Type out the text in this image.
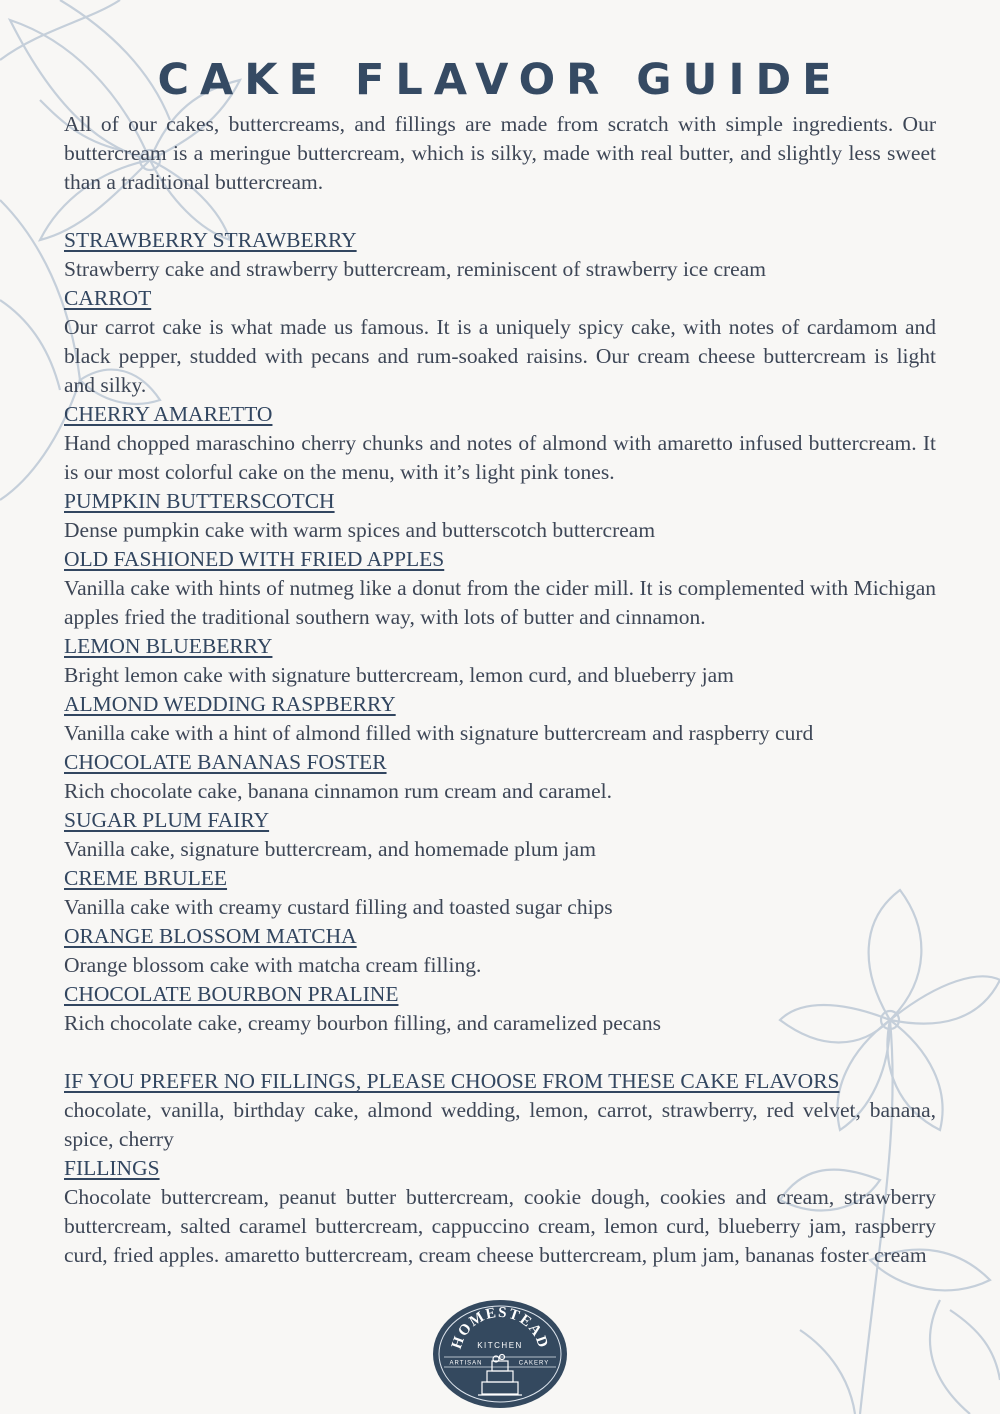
CAKE FLAVOR GUIDE

All of our cakes, buttercreams, and fillings are made from scratch with simple ingredients. Our buttercream is a meringue buttercream, which is silky, made with real butter, and slightly less sweet than a traditional buttercream.

STRAWBERRY STRAWBERRY

Strawberry cake and strawberry buttercream, reminiscent of strawberry ice cream

CARROT

Our carrot cake is what made us famous. It is a uniquely spicy cake, with notes of cardamom and black pepper, studded with pecans and rum-soaked raisins. Our cream cheese buttercream is light and silky.

CHERRY AMARETTO

Hand chopped maraschino cherry chunks and notes of almond with amaretto infused buttercream. It is our most colorful cake on the menu, with it’s light pink tones.

PUMPKIN BUTTERSCOTCH

Dense pumpkin cake with warm spices and butterscotch buttercream

OLD FASHIONED WITH FRIED APPLES

Vanilla cake with hints of nutmeg like a donut from the cider mill. It is complemented with Michigan apples fried the traditional southern way, with lots of butter and cinnamon.

LEMON BLUEBERRY

Bright lemon cake with signature buttercream, lemon curd, and blueberry jam

ALMOND WEDDING RASPBERRY

Vanilla cake with a hint of almond filled with signature buttercream and raspberry curd

CHOCOLATE BANANAS FOSTER

Rich chocolate cake, banana cinnamon rum cream and caramel.

SUGAR PLUM FAIRY

Vanilla cake, signature buttercream, and homemade plum jam

CREME BRULEE

Vanilla cake with creamy custard filling and toasted sugar chips

ORANGE BLOSSOM MATCHA

Orange blossom cake with matcha cream filling.

CHOCOLATE BOURBON PRALINE

Rich chocolate cake, creamy bourbon filling, and caramelized pecans

IF YOU PREFER NO FILLINGS, PLEASE CHOOSE FROM THESE CAKE FLAVORS

chocolate, vanilla, birthday cake, almond wedding, lemon, carrot, strawberry, red velvet, banana, spice, cherry

FILLINGS

Chocolate buttercream, peanut butter buttercream, cookie dough, cookies and cream, strawberry buttercream, salted caramel buttercream, cappuccino cream, lemon curd, blueberry jam, raspberry curd, fried apples. amaretto buttercream, cream cheese buttercream, plum jam, bananas foster cream

HOMESTEAD
KITCHEN
ARTISAN	CAKERY
